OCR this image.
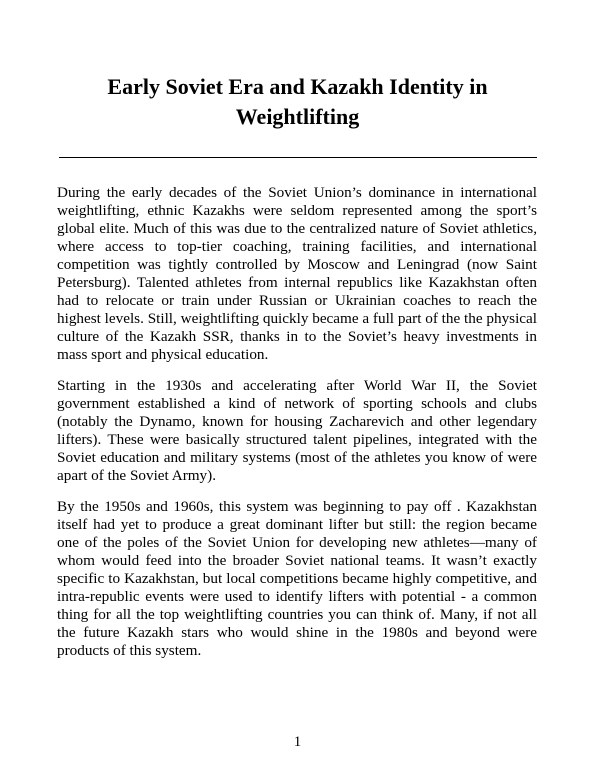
Early Soviet Era and Kazakh Identity in Weightlifting

During the early decades of the Soviet Union’s dominance in international weightlifting, ethnic Kazakhs were seldom represented among the sport’s global elite. Much of this was due to the centralized nature of Soviet athletics, where access to top-tier coaching, training facilities, and international competition was tightly controlled by Moscow and Leningrad (now Saint Petersburg). Talented athletes from internal republics like Kazakhstan often had to relocate or train under Russian or Ukrainian coaches to reach the highest levels. Still, weightlifting quickly became a full part of the the physical culture of the Kazakh SSR, thanks in to the Soviet’s heavy investments in mass sport and physical education.

Starting in the 1930s and accelerating after World War II, the Soviet government established a kind of network of sporting schools and clubs (notably the Dynamo, known for housing Zacharevich and other legendary lifters). These were basically structured talent pipelines, integrated with the Soviet education and military systems (most of the athletes you know of were apart of the Soviet Army).

By the 1950s and 1960s, this system was beginning to pay off . Kazakhstan itself had yet to produce a great dominant lifter but still: the region became one of the poles of the Soviet Union for developing new athletes—many of whom would feed into the broader Soviet national teams. It wasn’t exactly specific to Kazakhstan, but local competitions became highly competitive, and intra-republic events were used to identify lifters with potential - a common thing for all the top weightlifting countries you can think of. Many, if not all the future Kazakh stars who would shine in the 1980s and beyond were products of this system.

1
